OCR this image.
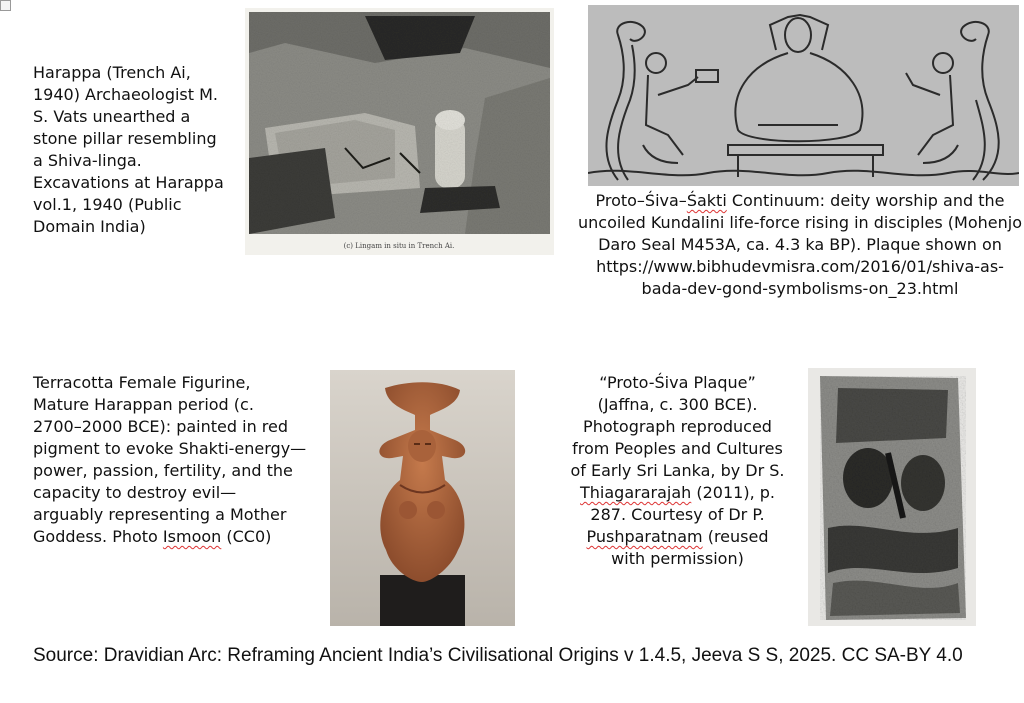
Harappa (Trench Ai,
1940) Archaeologist M.
S. Vats unearthed a
stone pillar resembling
a Shiva-linga.
Excavations at Harappa
vol.1, 1940 (Public
Domain India)
(c) Lingam in situ in Trench Ai.
Proto–Śiva–Śakti Continuum: deity worship and the
uncoiled Kundalini life-force rising in disciples (Mohenjo
Daro Seal M453A, ca. 4.3 ka BP). Plaque shown on
https://www.bibhudevmisra.com/2016/01/shiva-as-
bada-dev-gond-symbolisms-on_23.html
Terracotta Female Figurine,
Mature Harappan period (c.
2700–2000 BCE): painted in red
pigment to evoke Shakti-energy—
power, passion, fertility, and the
capacity to destroy evil—
arguably representing a Mother
Goddess. Photo Ismoon (CC0)
“Proto-Śiva Plaque”
(Jaffna, c. 300 BCE).
Photograph reproduced
from Peoples and Cultures
of Early Sri Lanka, by Dr S.
Thiagararajah (2011), p.
287. Courtesy of Dr P.
Pushparatnam (reused
with permission)

Source: Dravidian Arc: Reframing Ancient India’s Civilisational Origins v 1.4.5, Jeeva S S, 2025. CC SA-BY 4.0
